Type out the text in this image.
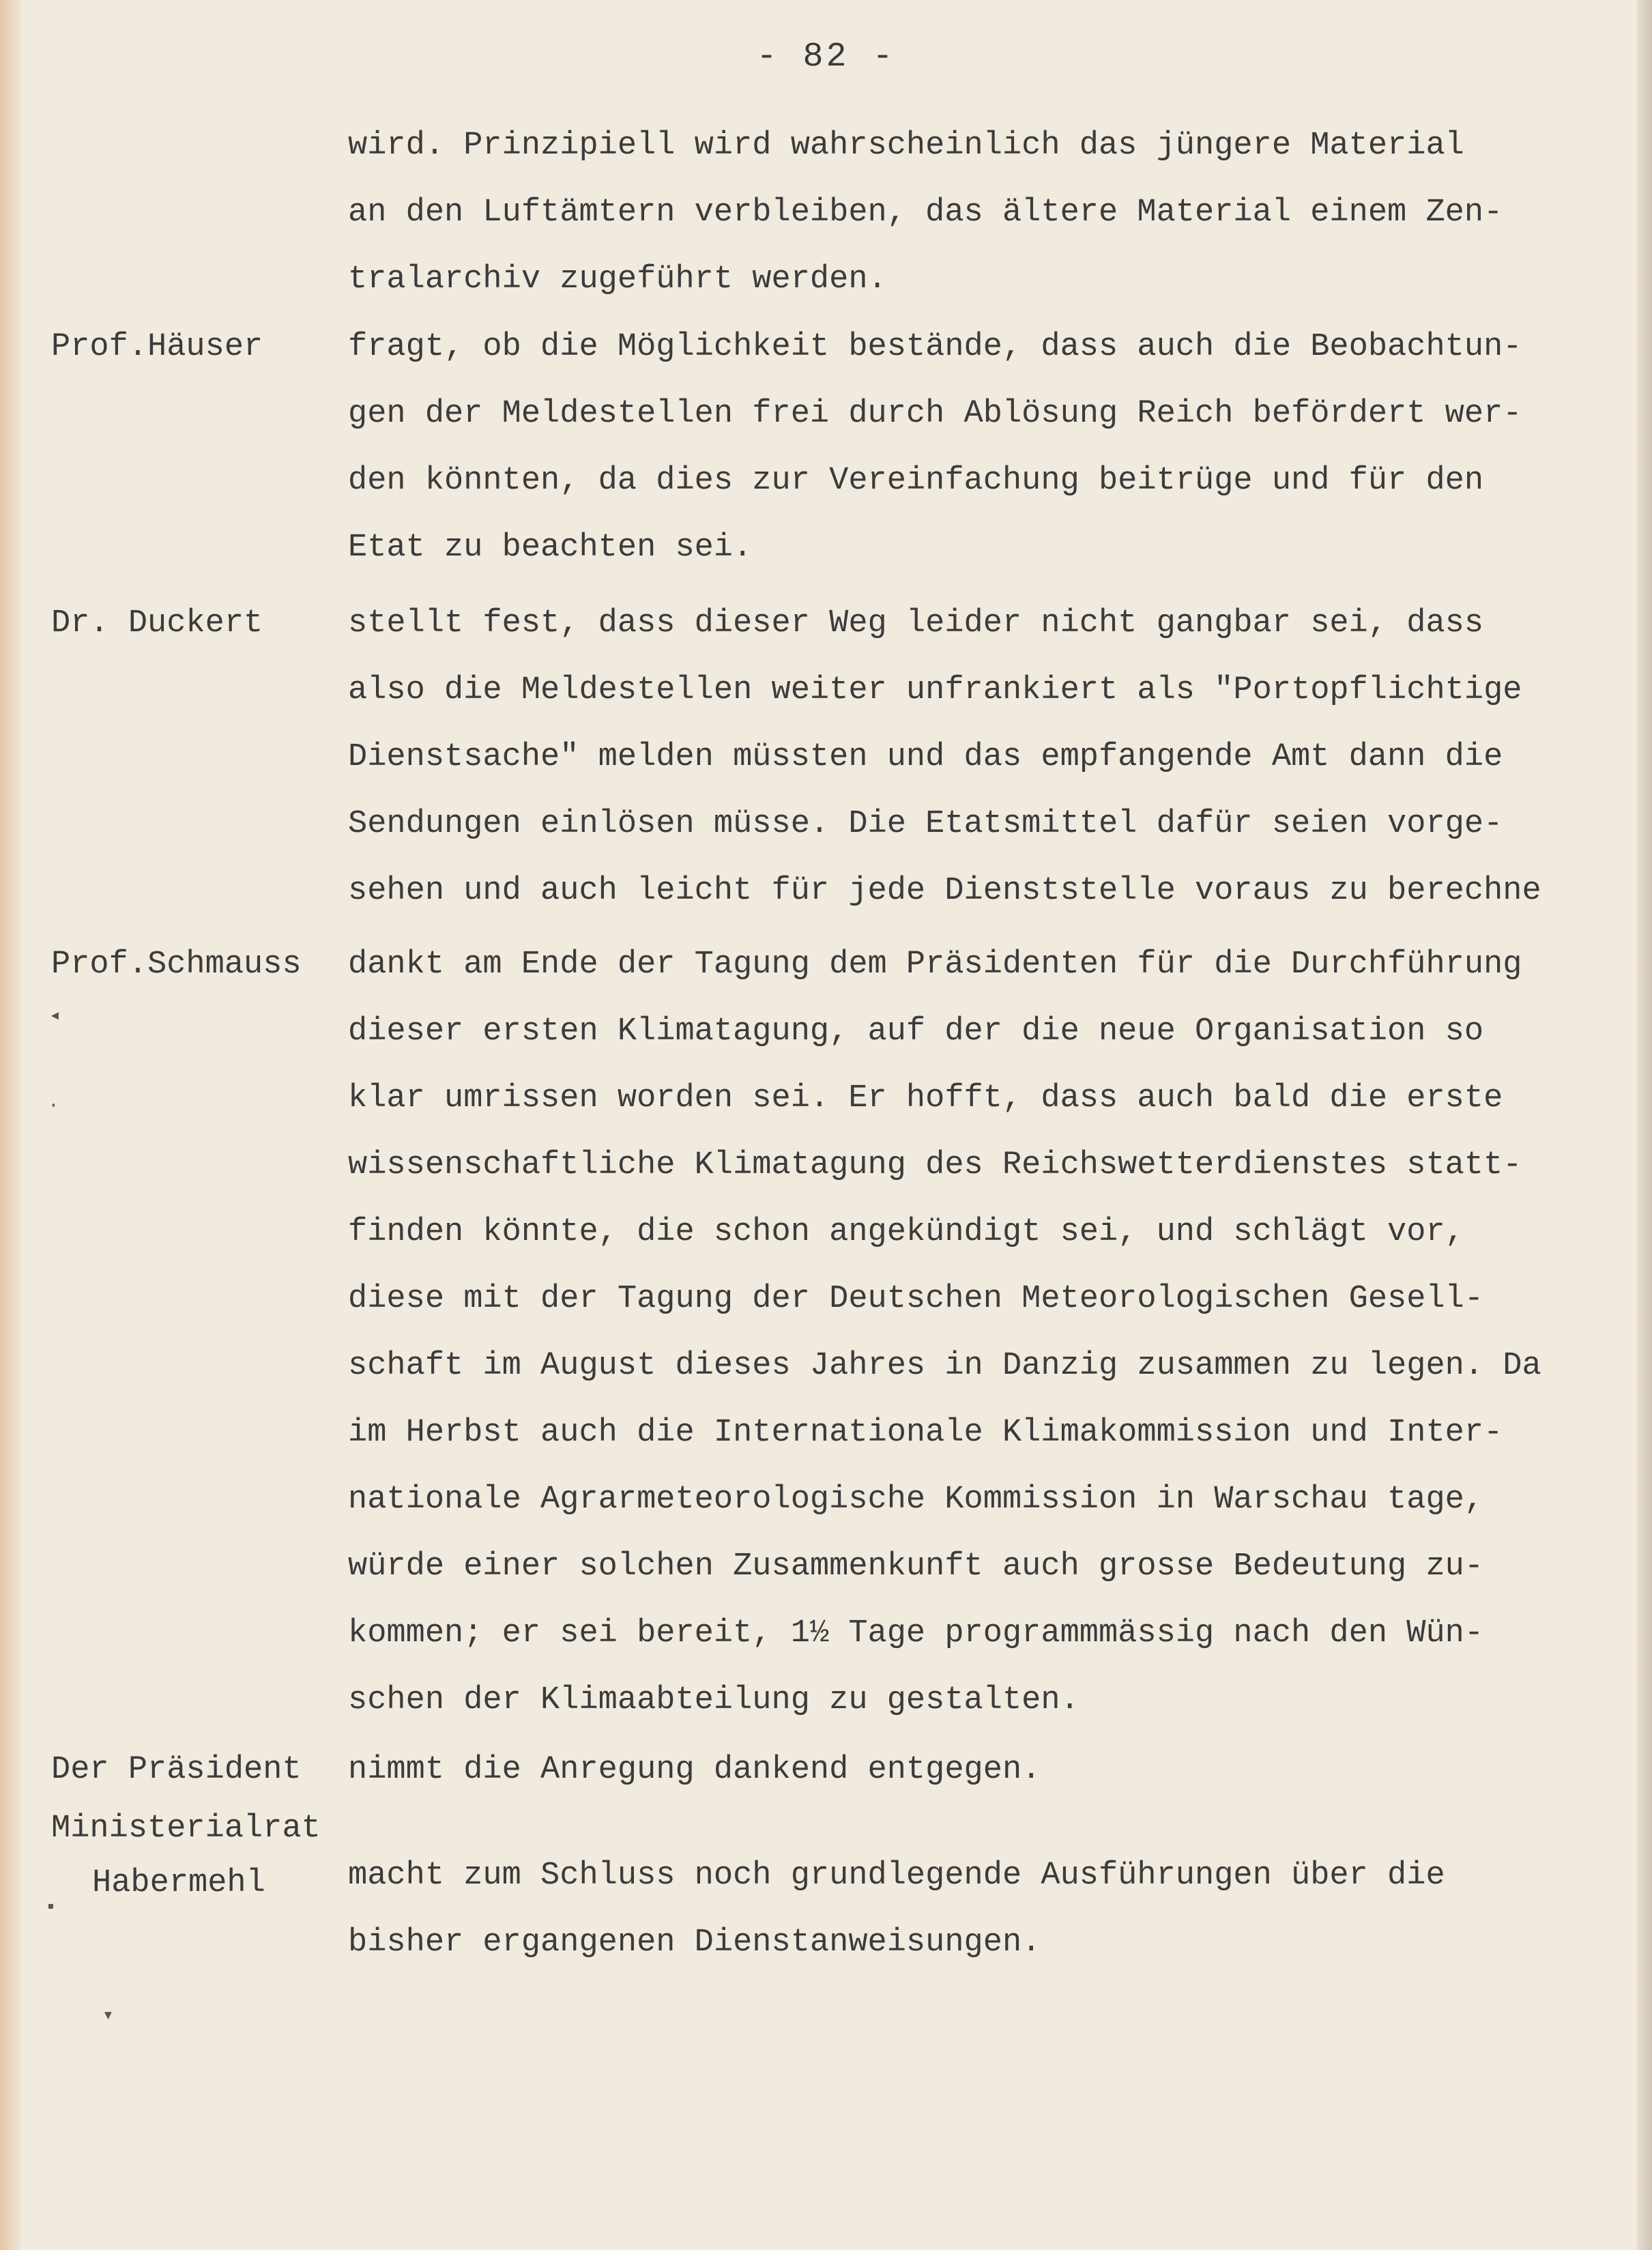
- 82 -
wird. Prinzipiell wird wahrscheinlich das jüngere Material
an den Luftämtern verbleiben, das ältere Material einem Zen-
tralarchiv zugeführt werden.
Prof.Häuser	fragt, ob die Möglichkeit bestände, dass auch die Beobachtun-
gen der Meldestellen frei durch Ablösung Reich befördert wer-
den könnten, da dies zur Vereinfachung beitrüge und für den
Etat zu beachten sei.
Dr. Duckert	stellt fest, dass dieser Weg leider nicht gangbar sei, dass
also die Meldestellen weiter unfrankiert als "Portopflichtige
Dienstsache" melden müssten und das empfangende Amt dann die
Sendungen einlösen müsse. Die Etatsmittel dafür seien vorge-
sehen und auch leicht für jede Dienststelle voraus zu berechne
Prof.Schmauss	dankt am Ende der Tagung dem Präsidenten für die Durchführung
dieser ersten Klimatagung, auf der die neue Organisation so
klar umrissen worden sei. Er hofft, dass auch bald die erste
wissenschaftliche Klimatagung des Reichswetterdienstes statt-
finden könnte, die schon angekündigt sei, und schlägt vor,
diese mit der Tagung der Deutschen Meteorologischen Gesell-
schaft im August dieses Jahres in Danzig zusammen zu legen. Da
im Herbst auch die Internationale Klimakommission und Inter-
nationale Agrarmeteorologische Kommission in Warschau tage,
würde einer solchen Zusammenkunft auch grosse Bedeutung zu-
kommen; er sei bereit, 1½ Tage programmmässig nach den Wün-
schen der Klimaabteilung zu gestalten.
Der Präsident	nimmt die Anregung dankend entgegen.
Ministerialrat
Habermehl	macht zum Schluss noch grundlegende Ausführungen über die
bisher ergangenen Dienstanweisungen.
◂
·
▪
▾
